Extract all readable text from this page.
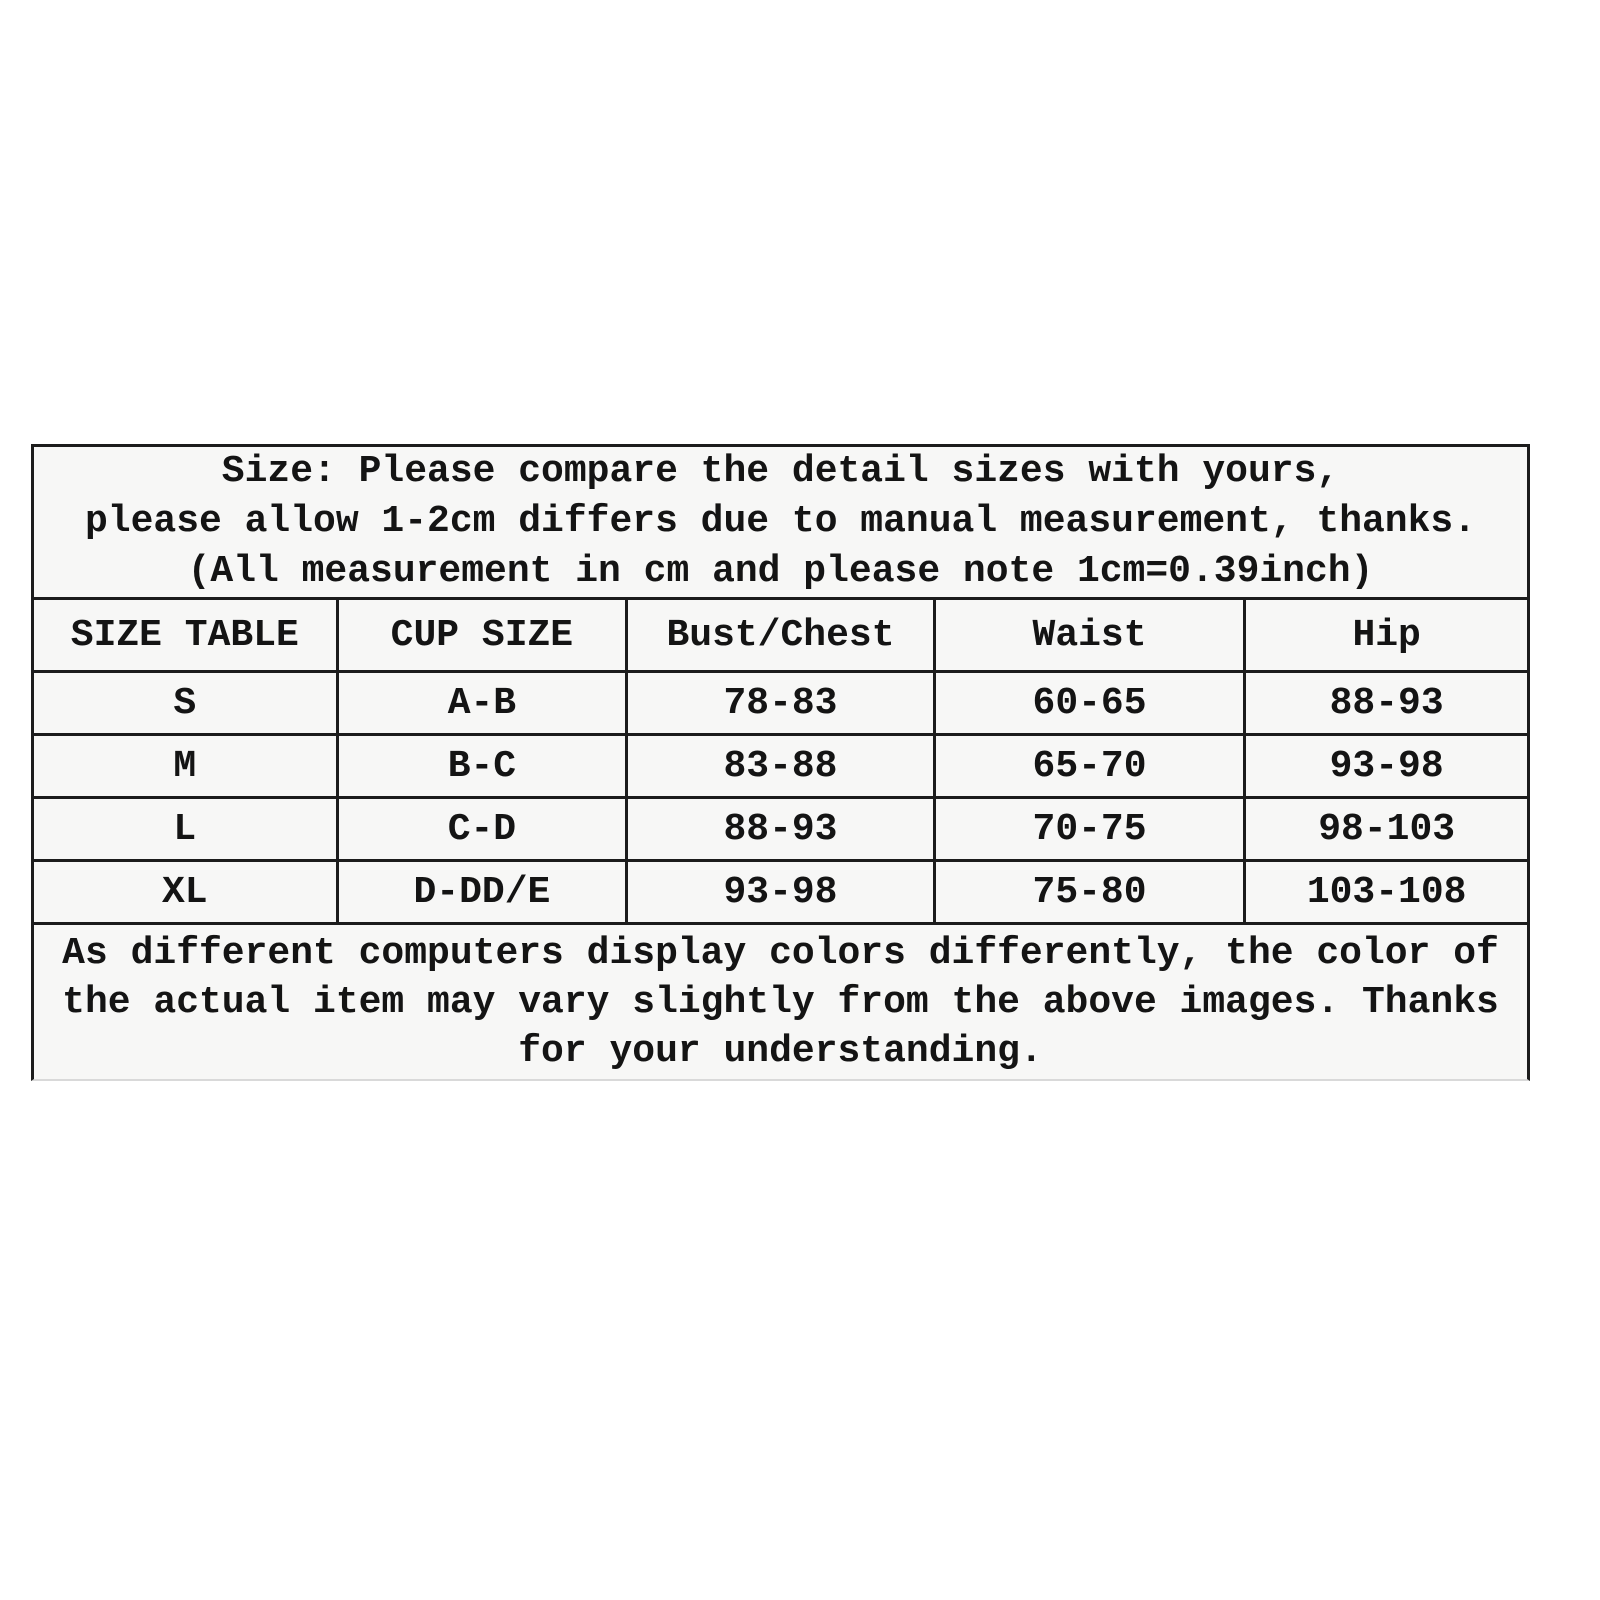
Size: Please compare the detail sizes with yours,
please allow 1-2cm differs due to manual measurement, thanks.
(All measurement in cm and please note 1cm=0.39inch)
SIZE TABLE	CUP SIZE	Bust/Chest	Waist	Hip
S	A-B	78-83	60-65	88-93
M	B-C	83-88	65-70	93-98
L	C-D	88-93	70-75	98-103
XL	D-DD/E	93-98	75-80	103-108
As different computers display colors differently, the color of
the actual item may vary slightly from the above images. Thanks
for your understanding.
